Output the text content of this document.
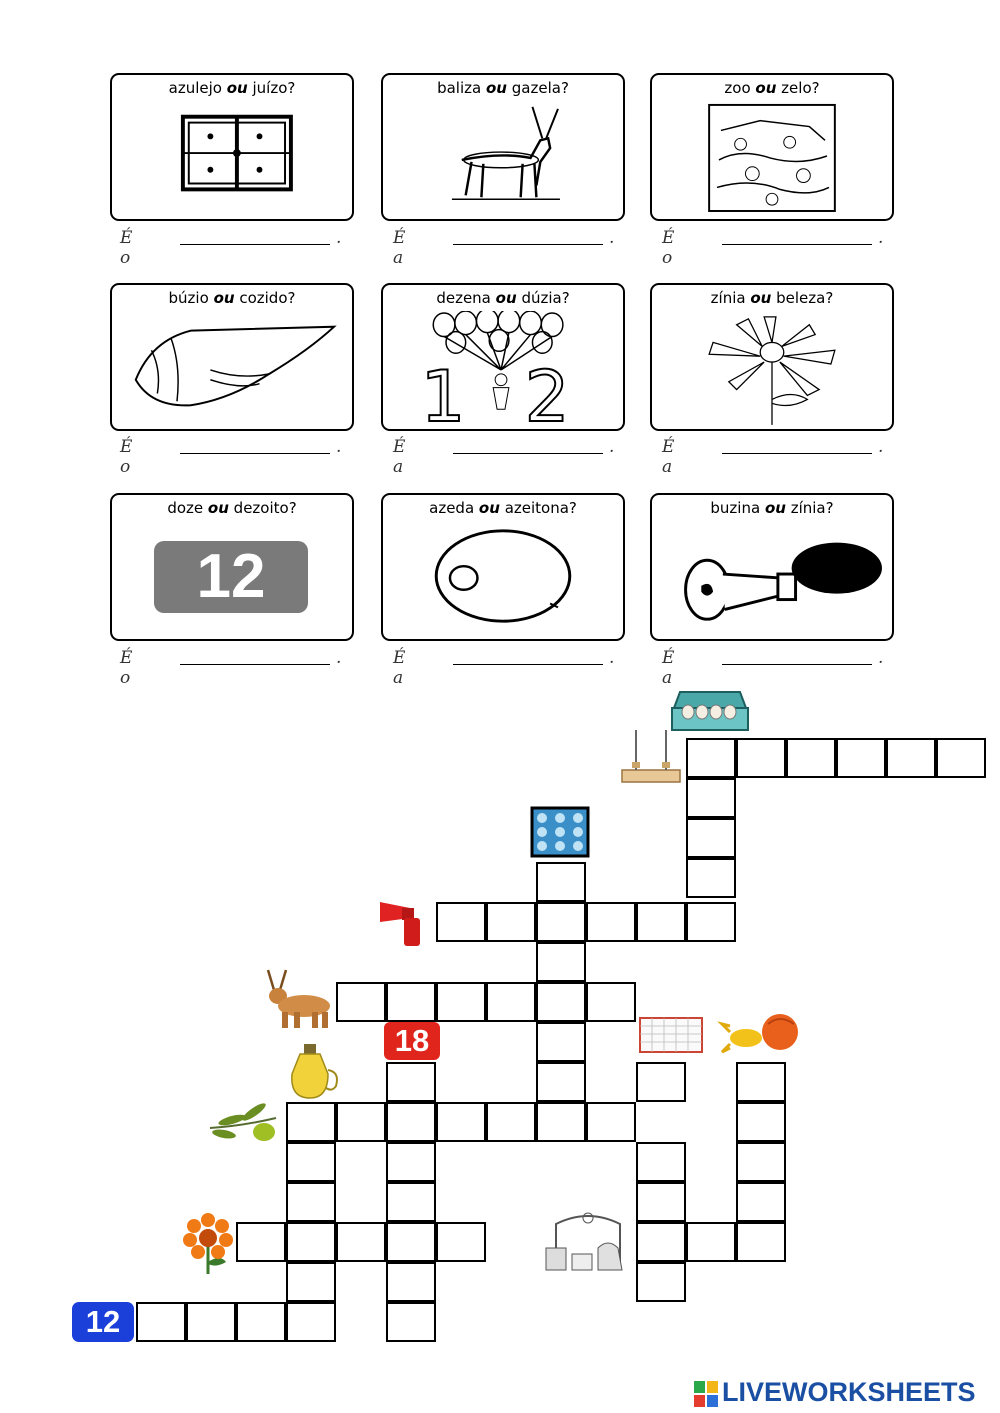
azulejo ou juízo?
É o
.
baliza ou gazela?
É a
.
zoo ou zelo?
É o
.
búzio ou cozido?
É o
.
dezena ou dúzia?
1 2
É a
.
zínia ou beleza?
É a
.
doze ou dezoito?
12
É o
.
azeda ou azeitona?
É a
.
buzina ou zínia?
É a
.
18
12
LIVEWORKSHEETS
